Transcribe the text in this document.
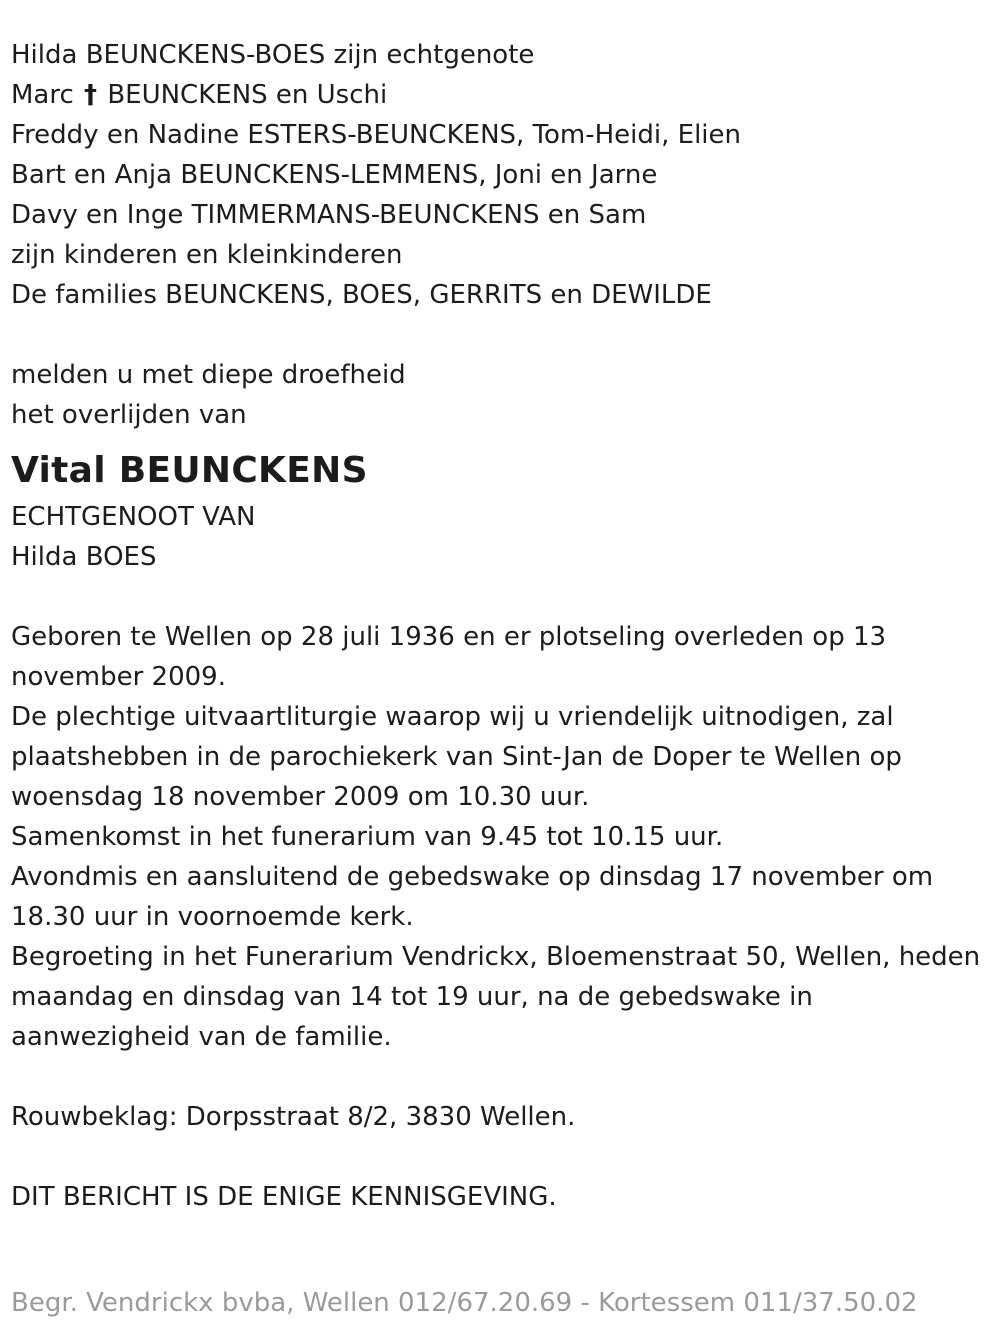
Hilda BEUNCKENS-BOES zijn echtgenote

Marc † BEUNCKENS en Uschi

Freddy en Nadine ESTERS-BEUNCKENS, Tom-Heidi, Elien

Bart en Anja BEUNCKENS-LEMMENS, Joni en Jarne

Davy en Inge TIMMERMANS-BEUNCKENS en Sam

zijn kinderen en kleinkinderen

De families BEUNCKENS, BOES, GERRITS en DEWILDE

melden u met diepe droefheid

het overlijden van

Vital BEUNCKENS

ECHTGENOOT VAN

Hilda BOES

Geboren te Wellen op 28 juli 1936 en er plotseling overleden op 13 november 2009.

De plechtige uitvaartliturgie waarop wij u vriendelijk uitnodigen, zal plaatshebben in de parochiekerk van Sint-Jan de Doper te Wellen op woensdag 18 november 2009 om 10.30 uur.

Samenkomst in het funerarium van 9.45 tot 10.15 uur.

Avondmis en aansluitend de gebedswake op dinsdag 17 november om 18.30 uur in voornoemde kerk.

Begroeting in het Funerarium Vendrickx, Bloemenstraat 50, Wellen, heden maandag en dinsdag van 14 tot 19 uur, na de gebedswake in aanwezigheid van de familie.

Rouwbeklag: Dorpsstraat 8/2, 3830 Wellen.

DIT BERICHT IS DE ENIGE KENNISGEVING.

Begr. Vendrickx bvba, Wellen 012/67.20.69 - Kortessem 011/37.50.02
